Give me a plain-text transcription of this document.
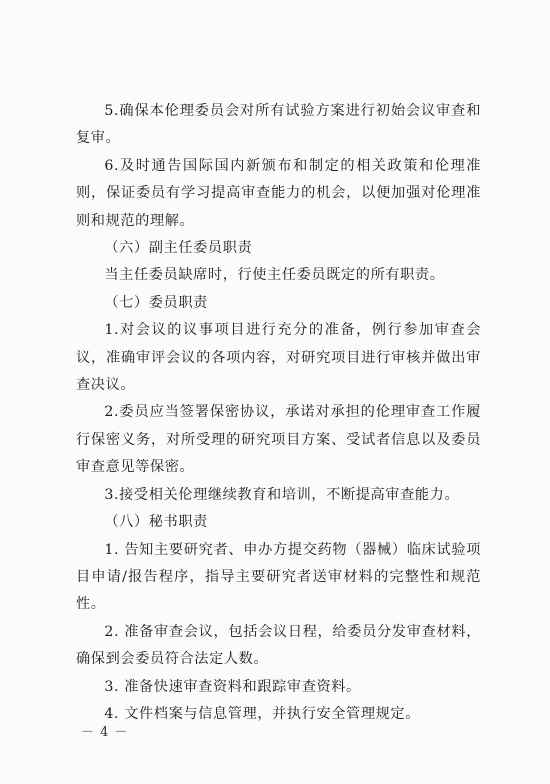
5.确保本伦理委员会对所有试验方案进行初始会议审查和复审。

6.及时通告国际国内新颁布和制定的相关政策和伦理准则，保证委员有学习提高审查能力的机会，以便加强对伦理准则和规范的理解。

（六）副主任委员职责

当主任委员缺席时，行使主任委员既定的所有职责。

（七）委员职责

1.对会议的议事项目进行充分的准备，例行参加审查会议，准确审评会议的各项内容，对研究项目进行审核并做出审查决议。

2.委员应当签署保密协议，承诺对承担的伦理审查工作履行保密义务，对所受理的研究项目方案、受试者信息以及委员审查意见等保密。

3.接受相关伦理继续教育和培训，不断提高审查能力。

（八）秘书职责

1. 告知主要研究者、申办方提交药物（器械）临床试验项目申请/报告程序，指导主要研究者送审材料的完整性和规范性。

2. 准备审查会议，包括会议日程，给委员分发审查材料，确保到会委员符合法定人数。

3. 准备快速审查资料和跟踪审查资料。

4. 文件档案与信息管理，并执行安全管理规定。

－ 4 －
